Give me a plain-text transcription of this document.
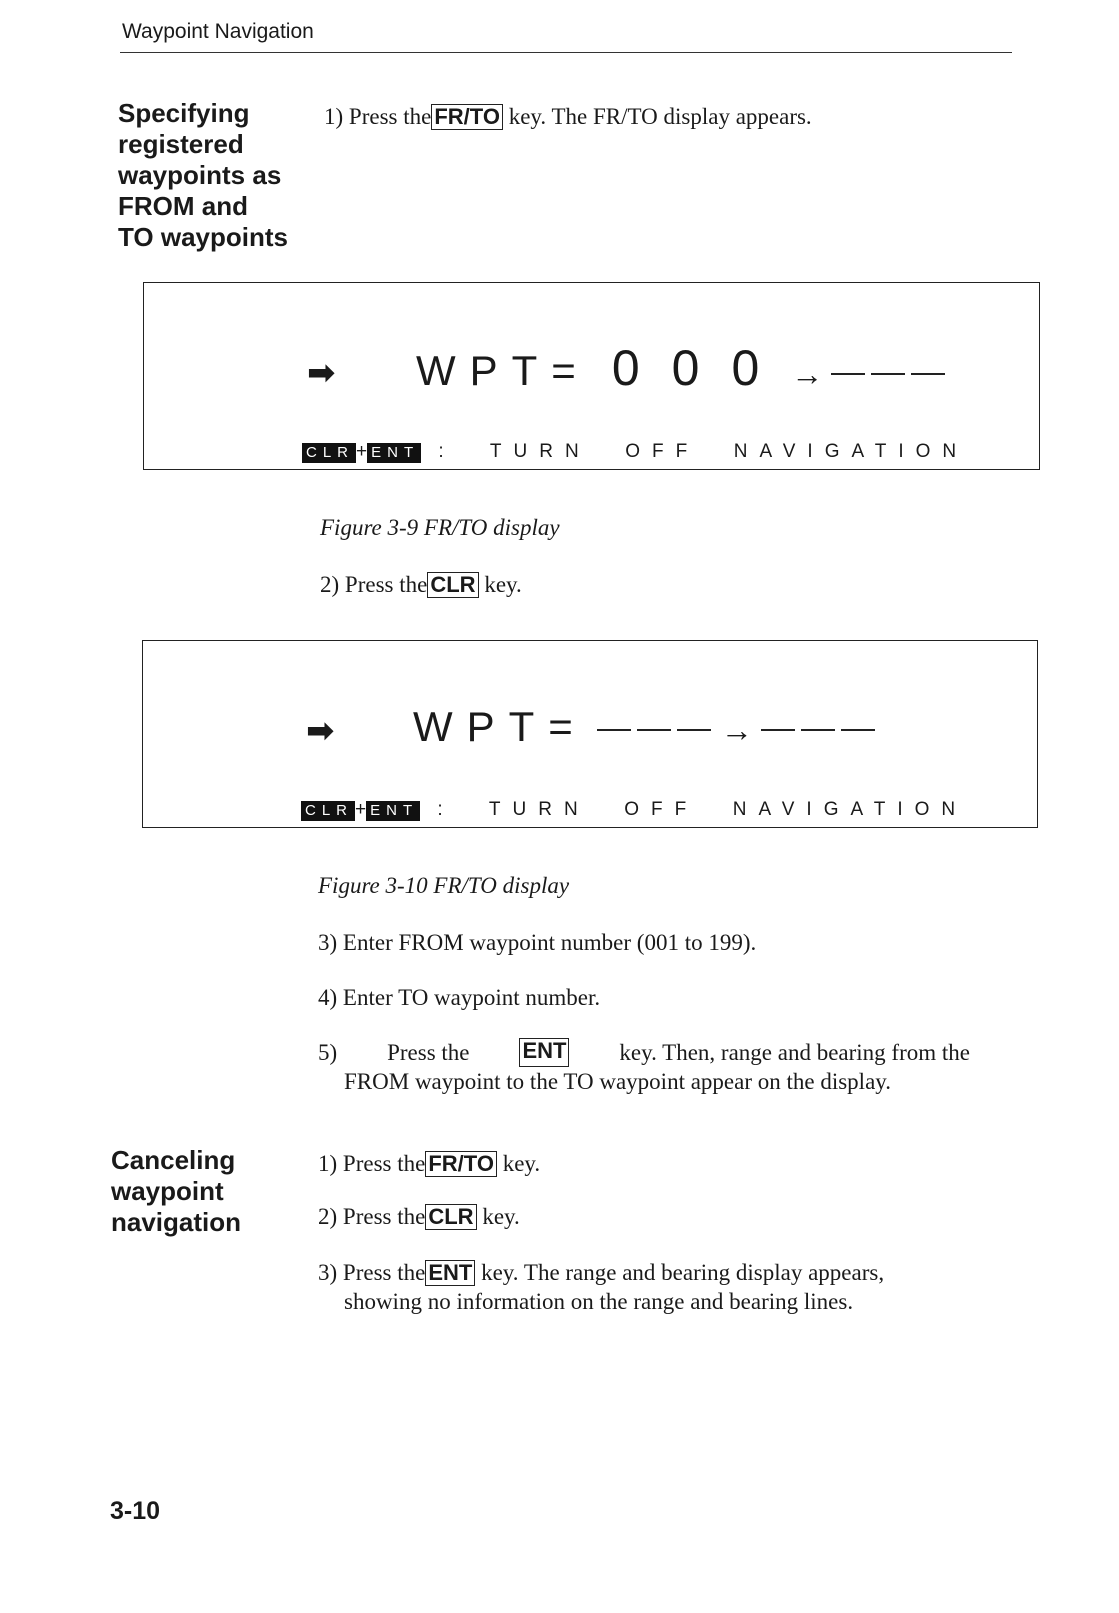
Waypoint Navigation
Specifying
registered
waypoints as
FROM and
TO waypoints
1) Press the FR/TO key. The FR/TO display appears.
➡ WPT= 000→
CLR + ENT :  TURN  OFF  NAVIGATION
Figure 3-9 FR/TO display
2) Press the CLR key.
➡ WPT=	→
CLR + ENT :  TURN  OFF  NAVIGATION
Figure 3-10 FR/TO display
3) Enter FROM waypoint number (001 to 199).
4) Enter TO waypoint number.
5) Press the ENT key. Then, range and bearing from the
FROM waypoint to the TO waypoint appear on the display.
Canceling
waypoint
navigation
1) Press the FR/TO key.
2) Press the CLR key.
3) Press the ENT key. The range and bearing display appears,
showing no information on the range and bearing lines.
3-10
